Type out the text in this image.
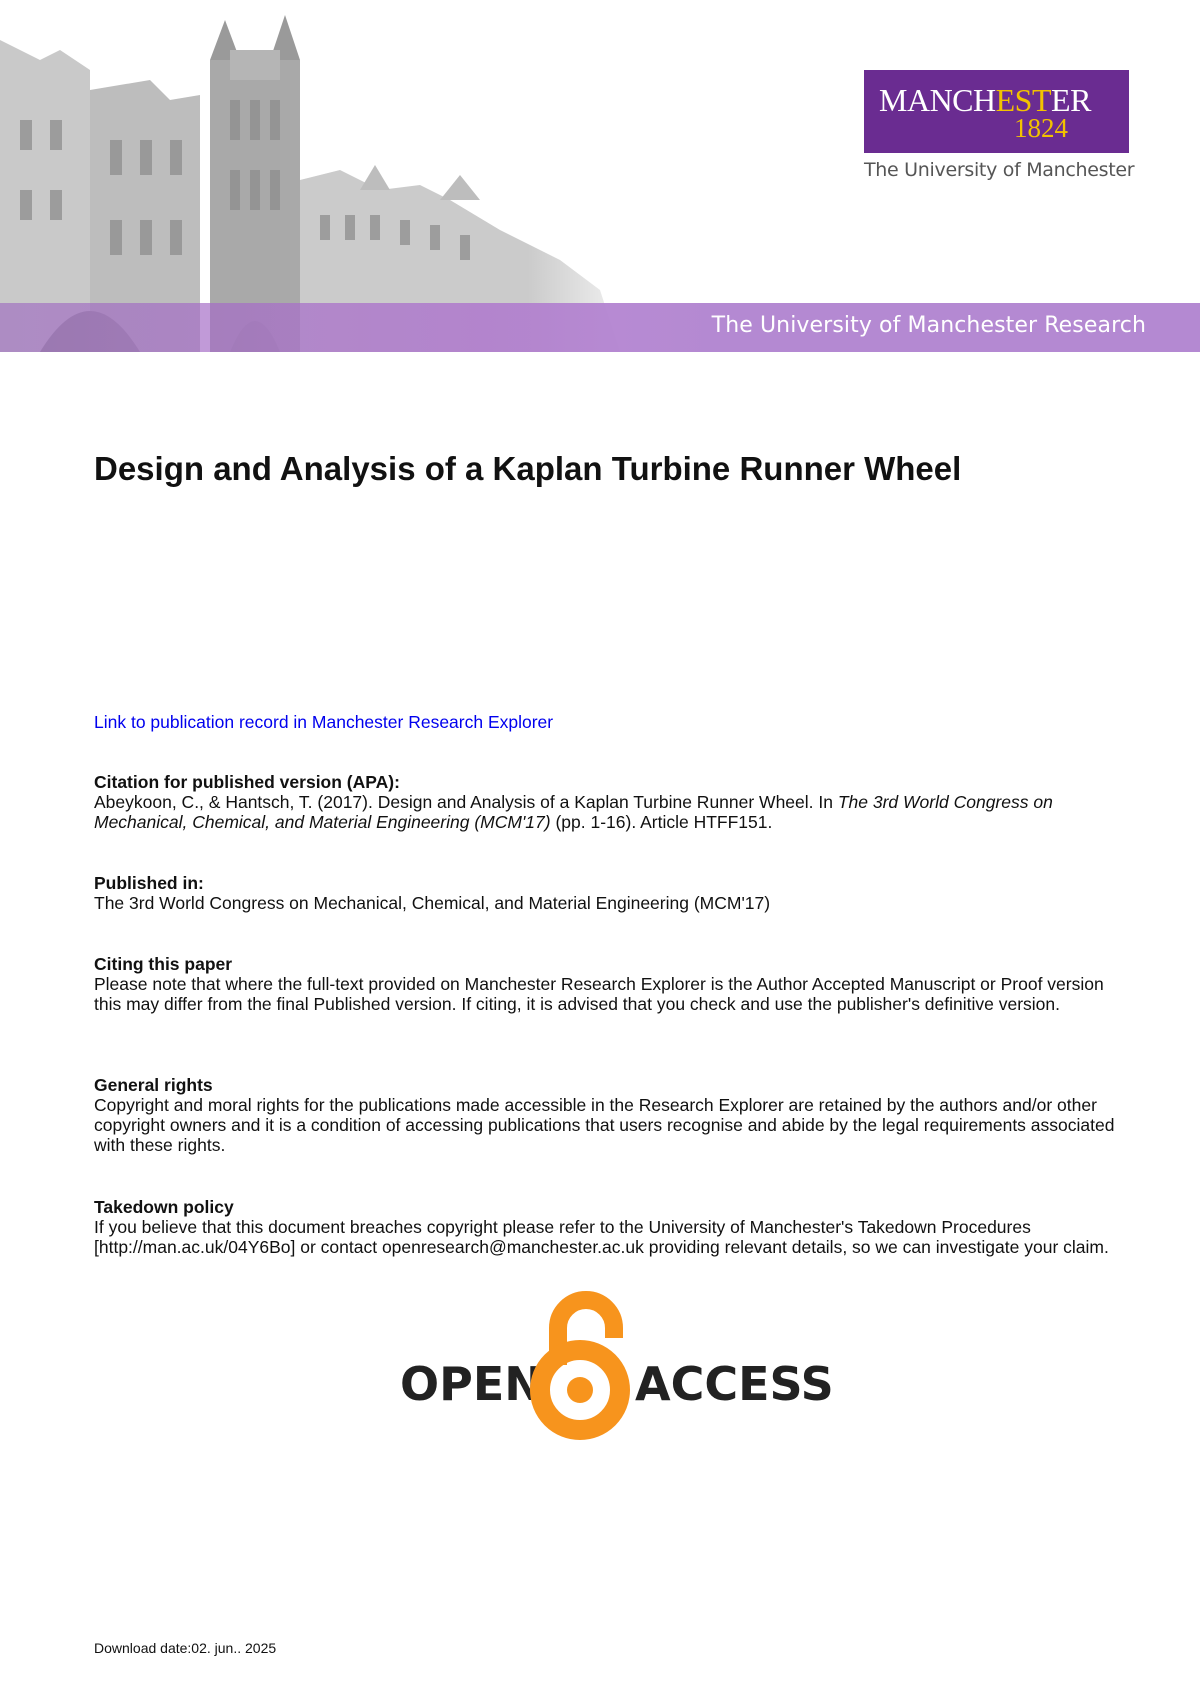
The University of Manchester Research
MANCHESTER
1824
The University of Manchester
Design and Analysis of a Kaplan Turbine Runner Wheel
Link to publication record in Manchester Research Explorer
Citation for published version (APA):
Abeykoon, C., & Hantsch, T. (2017). Design and Analysis of a Kaplan Turbine Runner Wheel. In The 3rd World Congress on Mechanical, Chemical, and Material Engineering (MCM'17) (pp. 1-16). Article HTFF151.
Published in:
The 3rd World Congress on Mechanical, Chemical, and Material Engineering (MCM'17)
Citing this paper
Please note that where the full-text provided on Manchester Research Explorer is the Author Accepted Manuscript or Proof version this may differ from the final Published version. If citing, it is advised that you check and use the publisher's definitive version.
General rights
Copyright and moral rights for the publications made accessible in the Research Explorer are retained by the authors and/or other copyright owners and it is a condition of accessing publications that users recognise and abide by the legal requirements associated with these rights.
Takedown policy
If you believe that this document breaches copyright please refer to the University of Manchester's Takedown Procedures [http://man.ac.uk/04Y6Bo] or contact openresearch@manchester.ac.uk providing relevant details, so we can investigate your claim.
OPEN ACCESS
Download date:02. jun.. 2025
